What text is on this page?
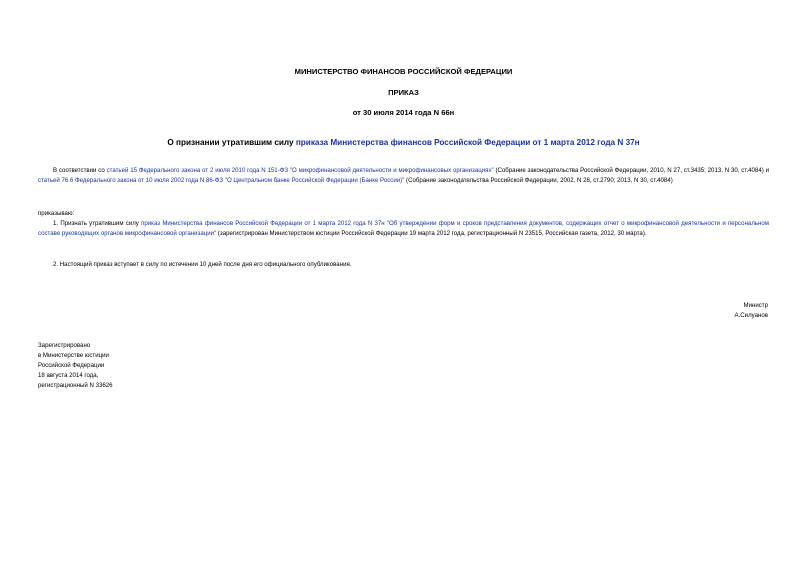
МИНИСТЕРСТВО ФИНАНСОВ РОССИЙСКОЙ ФЕДЕРАЦИИ
ПРИКАЗ
от 30 июля 2014 года N 66н
О признании утратившим силу приказа Министерства финансов Российской Федерации от 1 марта 2012 года N 37н
В соответствии со статьей 15 Федерального закона от 2 июля 2010 года N 151-ФЗ "О микрофинансовой деятельности и микрофинансовых организациях" (Собрание законодательства Российской Федерации, 2010, N 27, ст.3435; 2013, N 30, ст.4084) и статьей 76.6 Федерального закона от 10 июля 2002 года N 86-ФЗ "О Центральном банке Российской Федерации (Банке России)" (Собрание законодательства Российской Федерации, 2002, N 28, ст.2790; 2013, N 30, ст.4084)
приказываю:
1. Признать утратившим силу приказ Министерства финансов Российской Федерации от 1 марта 2012 года N 37н "Об утверждении форм и сроков представления документов, содержащих отчет о микрофинансовой деятельности и персональном составе руководящих органов микрофинансовой организации" (зарегистрирован Министерством юстиции Российской Федерации 19 марта 2012 года, регистрационный N 23515, Российская газета, 2012, 30 марта).
2. Настоящий приказ вступает в силу по истечении 10 дней после дня его официального опубликования.
Министр
А.Силуанов
Зарегистрировано
в Министерстве юстиции
Российской Федерации
18 августа 2014 года,
регистрационный N 33626
